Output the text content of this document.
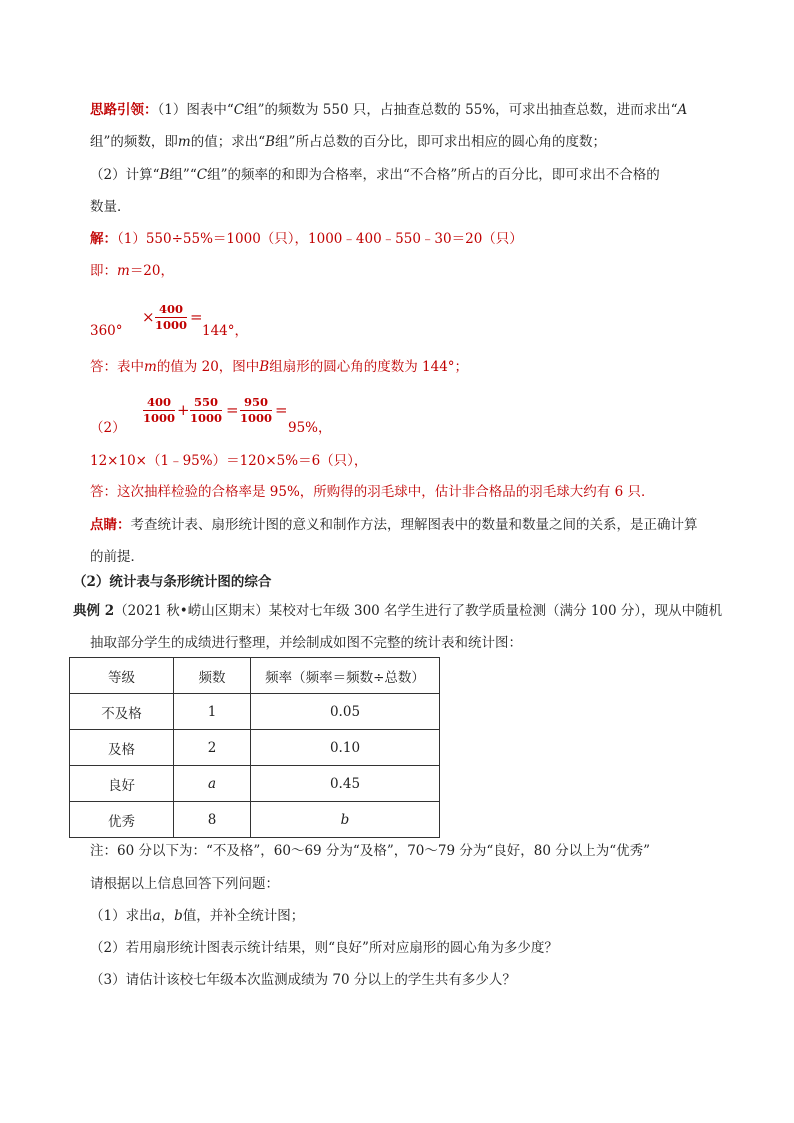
思路引领：（1）图表中“C组”的频数为 550 只，占抽查总数的 55%，可求出抽查总数，进而求出“A
组”的频数，即m的值；求出“B组”所占总数的百分比，即可求出相应的圆心角的度数；
（2）计算“B组”“C组”的频率的和即为合格率，求出“不合格”所占的百分比，即可求出不合格的
数量．
解：（1）550÷55%＝1000（只），1000﹣400﹣550﹣30＝20（只）
即：m＝20，
360°
× $\frac{400}{1000}$ =
144°，
答：表中m的值为 20，图中B组扇形的圆心角的度数为 144°；
（2）
$\frac{400}{1000} + \frac{550}{1000} = \frac{950}{1000}$ =
95%，
12×10×（1﹣95%）＝120×5%＝6（只），
答：这次抽样检验的合格率是 95%，所购得的羽毛球中，估计非合格品的羽毛球大约有 6 只．
点睛：考查统计表、扇形统计图的意义和制作方法，理解图表中的数量和数量之间的关系，是正确计算
的前提．
（2）统计表与条形统计图的综合
典例 2（2021 秋•崂山区期末）某校对七年级 300 名学生进行了教学质量检测（满分 100 分），现从中随机
抽取部分学生的成绩进行整理，并绘制成如图不完整的统计表和统计图：
等级	频数	频率（频率＝频数÷总数）
不及格	1	0.05
及格	2	0.10
良好	a	0.45
优秀	8	b
注：60 分以下为：“不及格”，60～69 分为“及格”，70～79 分为“良好，80 分以上为“优秀”
请根据以上信息回答下列问题：
（1）求出a，b值，并补全统计图；
（2）若用扇形统计图表示统计结果，则“良好”所对应扇形的圆心角为多少度？
（3）请估计该校七年级本次监测成绩为 70 分以上的学生共有多少人？
